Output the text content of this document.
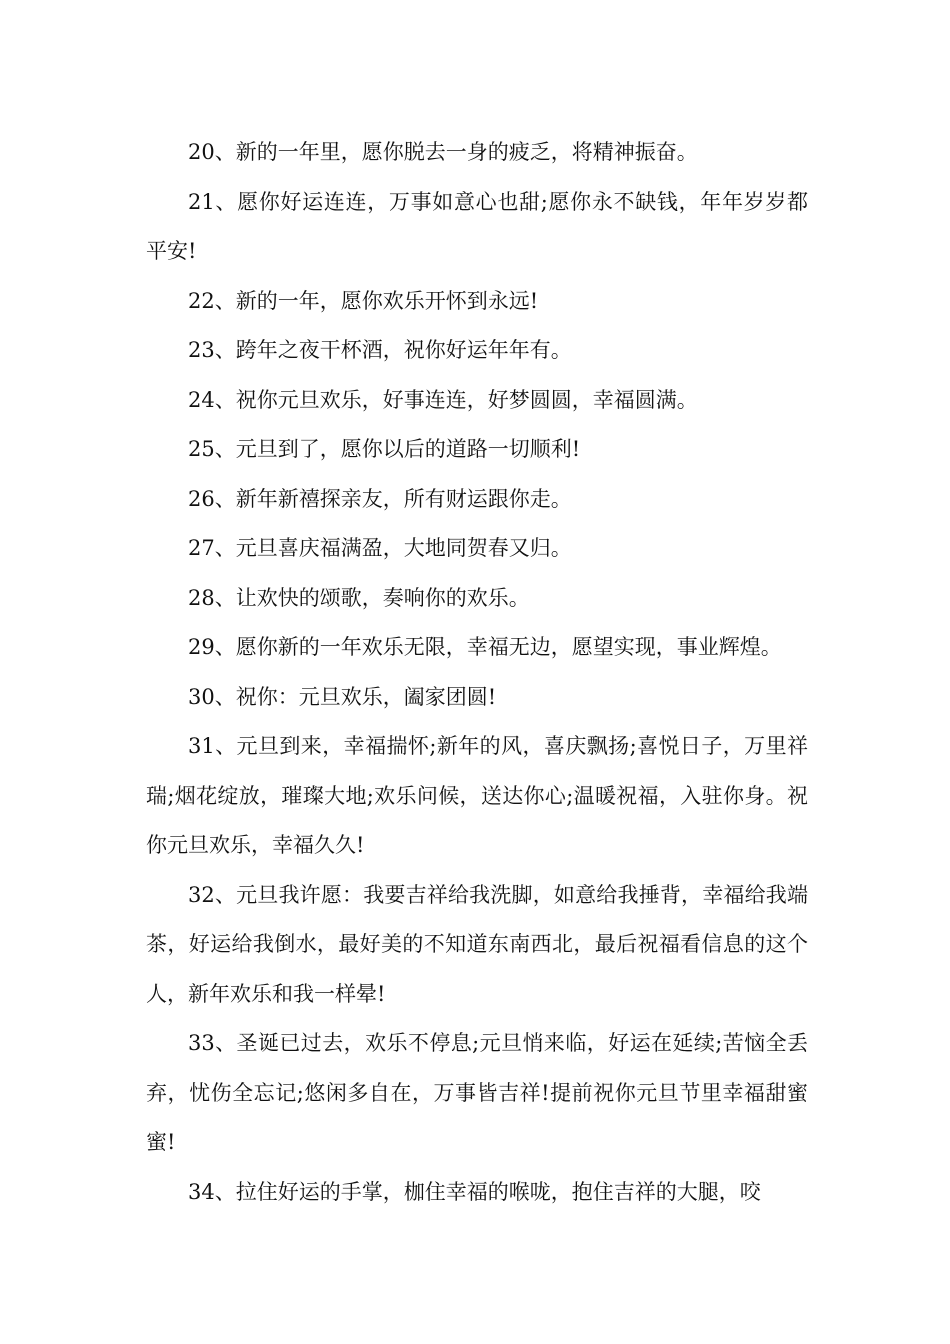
20、新的一年里，愿你脱去一身的疲乏，将精神振奋。

21、愿你好运连连，万事如意心也甜;愿你永不缺钱，年年岁岁都平安!

22、新的一年，愿你欢乐开怀到永远!

23、跨年之夜干杯酒，祝你好运年年有。

24、祝你元旦欢乐，好事连连，好梦圆圆，幸福圆满。

25、元旦到了，愿你以后的道路一切顺利!

26、新年新禧探亲友，所有财运跟你走。

27、元旦喜庆福满盈，大地同贺春又归。

28、让欢快的颂歌，奏响你的欢乐。

29、愿你新的一年欢乐无限，幸福无边，愿望实现，事业辉煌。

30、祝你：元旦欢乐，阖家团圆!

31、元旦到来，幸福揣怀;新年的风，喜庆飘扬;喜悦日子，万里祥瑞;烟花绽放，璀璨大地;欢乐问候，送达你心;温暖祝福，入驻你身。祝你元旦欢乐，幸福久久!

32、元旦我许愿：我要吉祥给我洗脚，如意给我捶背，幸福给我端茶，好运给我倒水，最好美的不知道东南西北，最后祝福看信息的这个人，新年欢乐和我一样晕!

33、圣诞已过去，欢乐不停息;元旦悄来临，好运在延续;苦恼全丢弃，忧伤全忘记;悠闲多自在，万事皆吉祥!提前祝你元旦节里幸福甜蜜蜜!

34、拉住好运的手掌，枷住幸福的喉咙，抱住吉祥的大腿，咬
